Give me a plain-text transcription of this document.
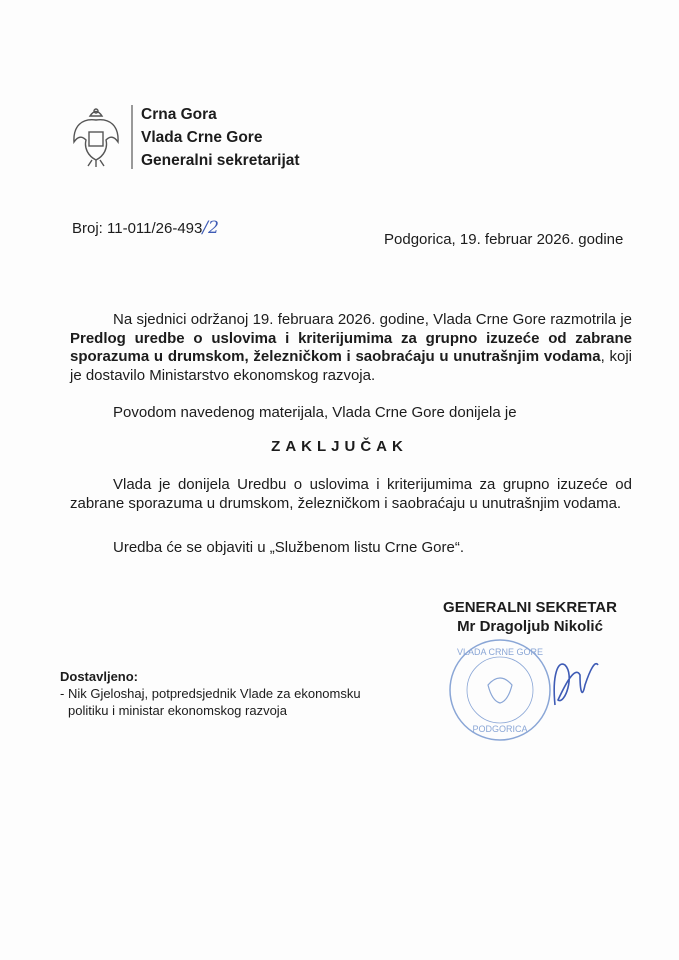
Crna Gora
Vlada Crne Gore
Generalni sekretarijat
Broj: 11-011/26-493/2
Podgorica, 19. februar 2026. godine
Na sjednici održanoj 19. februara 2026. godine, Vlada Crne Gore razmotrila je Predlog uredbe o uslovima i kriterijumima za grupno izuzeće od zabrane sporazuma u drumskom, železničkom i saobraćaju u unutrašnjim vodama, koji je dostavilo Ministarstvo ekonomskog razvoja.
Povodom navedenog materijala, Vlada Crne Gore donijela je
ZAKLJUČAK
Vlada je donijela Uredbu o uslovima i kriterijumima za grupno izuzeće od zabrane sporazuma u drumskom, železničkom i saobraćaju u unutrašnjim vodama.
Uredba će se objaviti u „Službenom listu Crne Gore“.
GENERALNI SEKRETAR
Mr Dragoljub Nikolić
PODGORICA
VLADA CRNE GORE
Dostavljeno:
- Nik Gjeloshaj, potpredsjednik Vlade za ekonomsku
politiku i ministar ekonomskog razvoja
